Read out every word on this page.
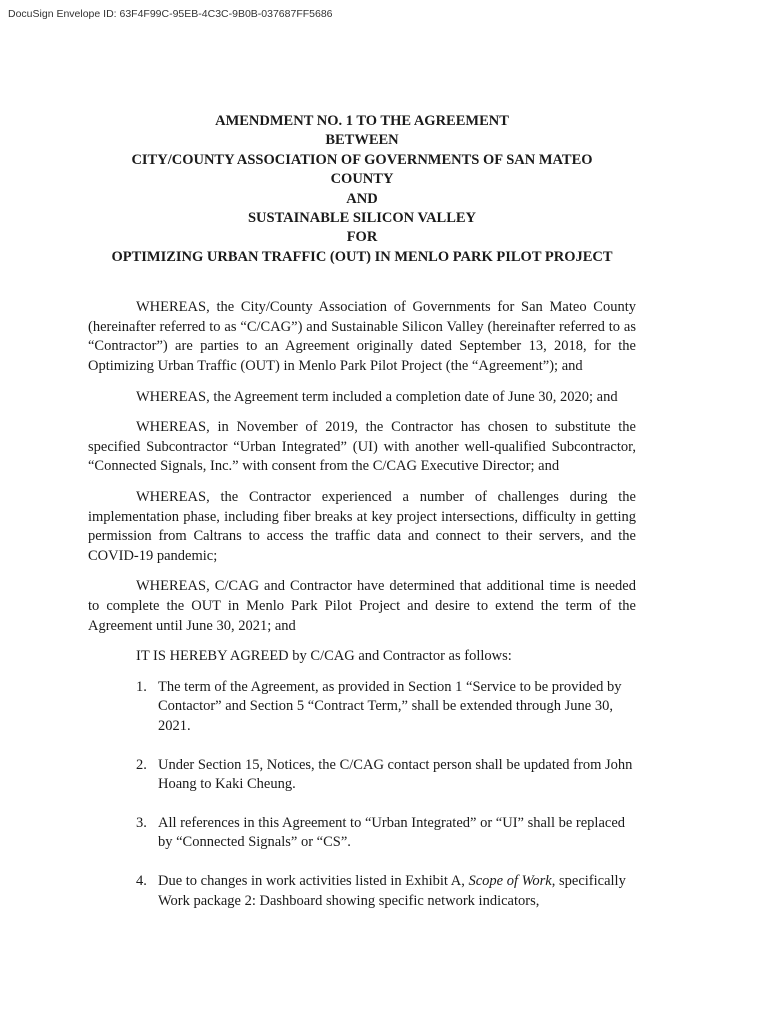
DocuSign Envelope ID: 63F4F99C-95EB-4C3C-9B0B-037687FF5686
AMENDMENT NO. 1 TO THE AGREEMENT
BETWEEN
CITY/COUNTY ASSOCIATION OF GOVERNMENTS OF SAN MATEO
COUNTY
AND
SUSTAINABLE SILICON VALLEY
FOR
OPTIMIZING URBAN TRAFFIC (OUT) IN MENLO PARK PILOT PROJECT

WHEREAS, the City/County Association of Governments for San Mateo County (hereinafter referred to as “C/CAG”) and Sustainable Silicon Valley (hereinafter referred to as “Contractor”) are parties to an Agreement originally dated September 13, 2018, for the Optimizing Urban Traffic (OUT) in Menlo Park Pilot Project (the “Agreement”); and

WHEREAS, the Agreement term included a completion date of June 30, 2020; and

WHEREAS, in November of 2019, the Contractor has chosen to substitute the specified Subcontractor “Urban Integrated” (UI) with another well-qualified Subcontractor, “Connected Signals, Inc.” with consent from the C/CAG Executive Director; and

WHEREAS, the Contractor experienced a number of challenges during the implementation phase, including fiber breaks at key project intersections, difficulty in getting permission from Caltrans to access the traffic data and connect to their servers, and the COVID-19 pandemic;

WHEREAS, C/CAG and Contractor have determined that additional time is needed to complete the OUT in Menlo Park Pilot Project and desire to extend the term of the Agreement until June 30, 2021; and

IT IS HEREBY AGREED by C/CAG and Contractor as follows:

1. The term of the Agreement, as provided in Section 1 “Service to be provided by Contactor” and Section 5 “Contract Term,” shall be extended through June 30, 2021.
2. Under Section 15, Notices, the C/CAG contact person shall be updated from John Hoang to Kaki Cheung.
3. All references in this Agreement to “Urban Integrated” or “UI” shall be replaced by “Connected Signals” or “CS”.
4. Due to changes in work activities listed in Exhibit A, Scope of Work, specifically Work package 2: Dashboard showing specific network indicators,
